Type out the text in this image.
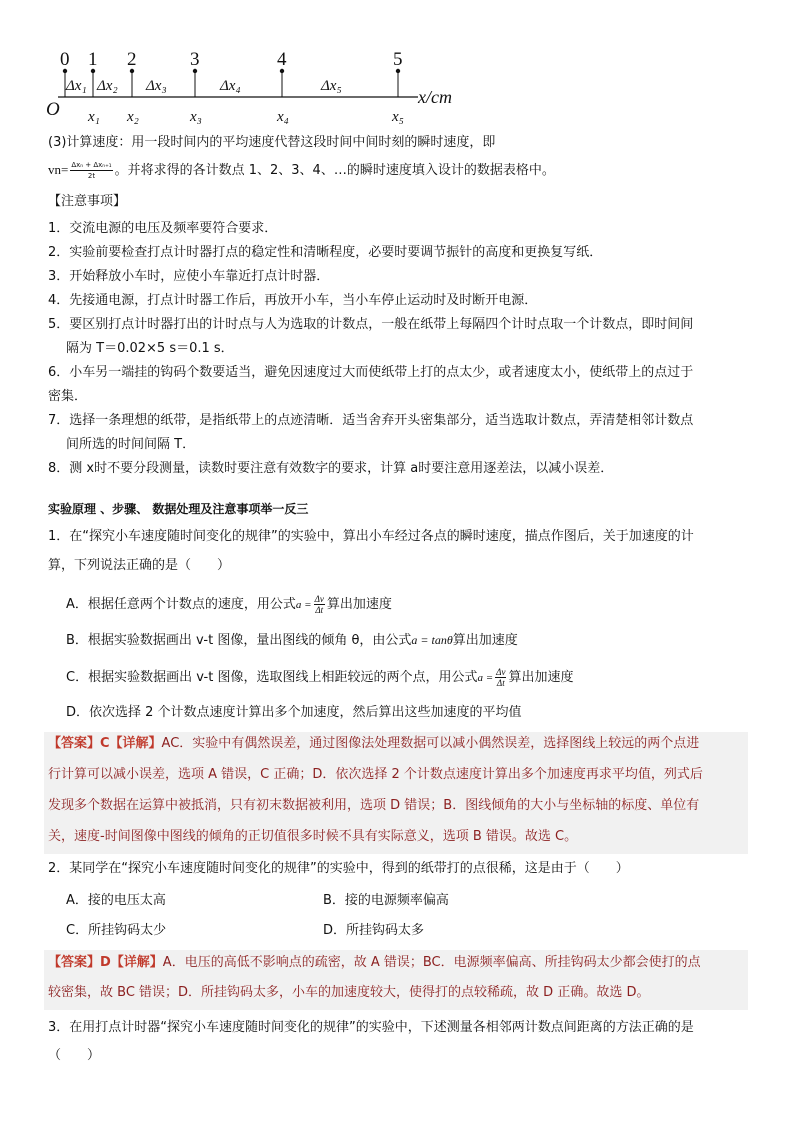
0 1 2	3	4	5
Δx₁ Δx₂ Δx₃	Δx₄	Δx₅
O x₁ x₂	x₃	x₄	x₅
x/cm
(3)计算速度：用一段时间内的平均速度代替这段时间中间时刻的瞬时速度，即
$vn= \frac{\text{Δxₙ + Δxₙ₊₁}}{2t}$ 。并将求得的各计数点 1、2、3、4、…的瞬时速度填入设计的数据表格中。
【注意事项】
1．交流电源的电压及频率要符合要求．
2．实验前要检查打点计时器打点的稳定性和清晰程度，必要时要调节振针的高度和更换复写纸．
3．开始释放小车时，应使小车靠近打点计时器．
4．先接通电源，打点计时器工作后，再放开小车，当小车停止运动时及时断开电源．
5．要区别打点计时器打出的计时点与人为选取的计数点，一般在纸带上每隔四个计时点取一个计数点，即时间间
隔为 T＝0.02×5 s＝0.1 s．
6．小车另一端挂的钩码个数要适当，避免因速度过大而使纸带上打的点太少，或者速度太小，使纸带上的点过于
密集．
7．选择一条理想的纸带，是指纸带上的点迹清晰．适当舍弃开头密集部分，适当选取计数点，弄清楚相邻计数点
间所选的时间间隔 T．
8．测 x时不要分段测量，读数时要注意有效数字的要求，计算 a时要注意用逐差法，以减小误差．
实验原理 、步骤、 数据处理及注意事项举一反三
1．在“探究小车速度随时间变化的规律”的实验中，算出小车经过各点的瞬时速度，描点作图后，关于加速度的计
算，下列说法正确的是（　　）
A．根据任意两个计数点的速度，用公式$a = \frac{\Delta v}{\Delta t}$ 算出加速度
B．根据实验数据画出 v-t 图像，量出图线的倾角 θ，由公式a = tanθ算出加速度
C．根据实验数据画出 v-t 图像，选取图线上相距较远的两个点，用公式$a = \frac{\Delta v}{\Delta t}$ 算出加速度
D．依次选择 2 个计数点速度计算出多个加速度，然后算出这些加速度的平均值
【答案】C【详解】AC．实验中有偶然误差，通过图像法处理数据可以减小偶然误差，选择图线上较远的两个点进
行计算可以减小误差，选项 A 错误，C 正确；D．依次选择 2 个计数点速度计算出多个加速度再求平均值，列式后
发现多个数据在运算中被抵消，只有初末数据被利用，选项 D 错误；B．图线倾角的大小与坐标轴的标度、单位有
关，速度-时间图像中图线的倾角的正切值很多时候不具有实际意义，选项 B 错误。故选 C。
2．某同学在“探究小车速度随时间变化的规律”的实验中，得到的纸带打的点很稀，这是由于（　　）
A．接的电压太高	B．接的电源频率偏高
C．所挂钩码太少	D．所挂钩码太多
【答案】D【详解】A．电压的高低不影响点的疏密，故 A 错误；BC．电源频率偏高、所挂钩码太少都会使打的点
较密集，故 BC 错误；D．所挂钩码太多，小车的加速度较大，使得打的点较稀疏，故 D 正确。故选 D。
3．在用打点计时器“探究小车速度随时间变化的规律”的实验中，下述测量各相邻两计数点间距离的方法正确的是
（　　）
